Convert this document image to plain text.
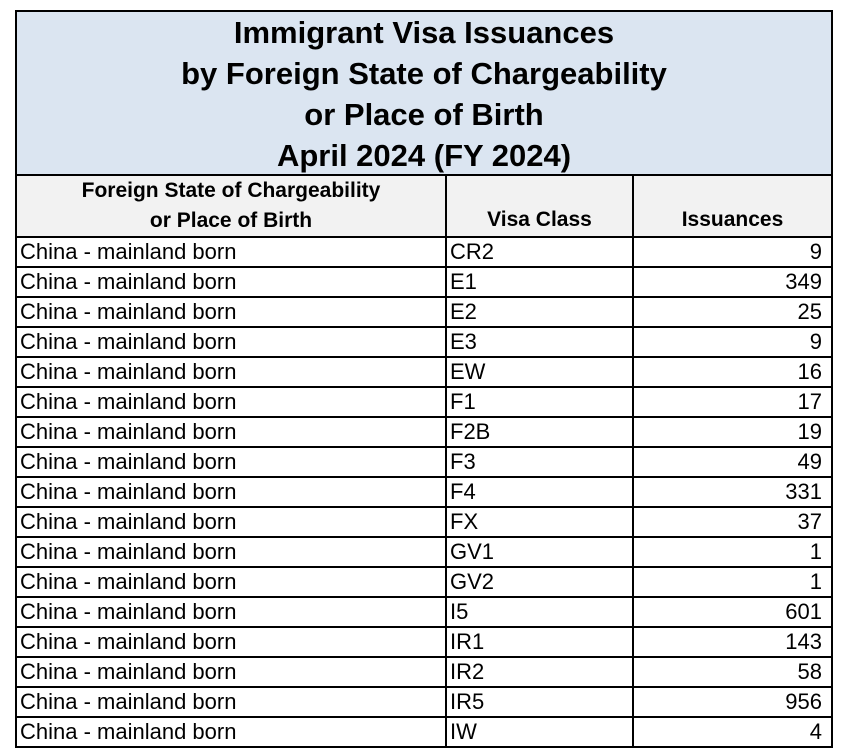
Immigrant Visa Issuances
by Foreign State of Chargeability
or Place of Birth
April 2024 (FY 2024)
Foreign State of Chargeability
or Place of Birth	Visa Class	Issuances
China - mainland born	CR2	9
China - mainland born	E1	349
China - mainland born	E2	25
China - mainland born	E3	9
China - mainland born	EW	16
China - mainland born	F1	17
China - mainland born	F2B	19
China - mainland born	F3	49
China - mainland born	F4	331
China - mainland born	FX	37
China - mainland born	GV1	1
China - mainland born	GV2	1
China - mainland born	I5	601
China - mainland born	IR1	143
China - mainland born	IR2	58
China - mainland born	IR5	956
China - mainland born	IW	4
